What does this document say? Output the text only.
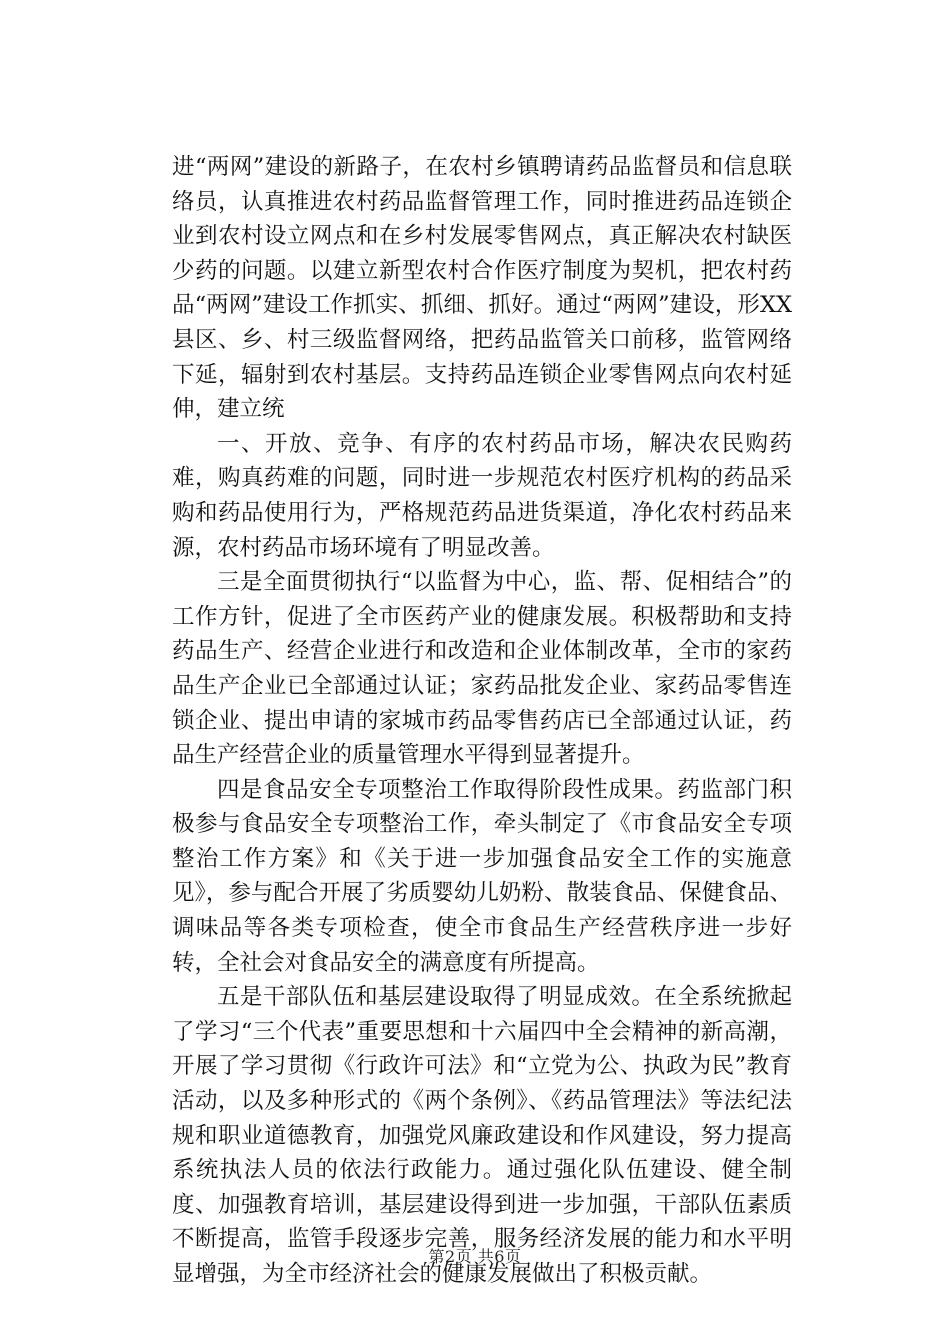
进“两网”建设的新路子，在农村乡镇聘请药品监督员和信息联络员，认真推进农村药品监督管理工作，同时推进药品连锁企业到农村设立网点和在乡村发展零售网点，真正解决农村缺医少药的问题。以建立新型农村合作医疗制度为契机，把农村药品“两网”建设工作抓实、抓细、抓好。通过“两网”建设，形XX县区、乡、村三级监督网络，把药品监管关口前移，监管网络下延，辐射到农村基层。支持药品连锁企业零售网点向农村延伸，建立统

一、开放、竞争、有序的农村药品市场，解决农民购药难，购真药难的问题，同时进一步规范农村医疗机构的药品采购和药品使用行为，严格规范药品进货渠道，净化农村药品来源，农村药品市场环境有了明显改善。

三是全面贯彻执行“以监督为中心，监、帮、促相结合”的工作方针，促进了全市医药产业的健康发展。积极帮助和支持药品生产、经营企业进行和改造和企业体制改革，全市的家药品生产企业已全部通过认证；家药品批发企业、家药品零售连锁企业、提出申请的家城市药品零售药店已全部通过认证，药品生产经营企业的质量管理水平得到显著提升。

四是食品安全专项整治工作取得阶段性成果。药监部门积极参与食品安全专项整治工作，牵头制定了《市食品安全专项整治工作方案》和《关于进一步加强食品安全工作的实施意见》，参与配合开展了劣质婴幼儿奶粉、散装食品、保健食品、调味品等各类专项检查，使全市食品生产经营秩序进一步好转，全社会对食品安全的满意度有所提高。

五是干部队伍和基层建设取得了明显成效。在全系统掀起了学习“三个代表”重要思想和十六届四中全会精神的新高潮，开展了学习贯彻《行政许可法》和“立党为公、执政为民”教育活动，以及多种形式的《两个条例》、《药品管理法》等法纪法规和职业道德教育，加强党风廉政建设和作风建设，努力提高系统执法人员的依法行政能力。通过强化队伍建设、健全制度、加强教育培训，基层建设得到进一步加强，干部队伍素质不断提高，监管手段逐步完善，服务经济发展的能力和水平明显增强，为全市经济社会的健康发展做出了积极贡献。

第2页 共6页
